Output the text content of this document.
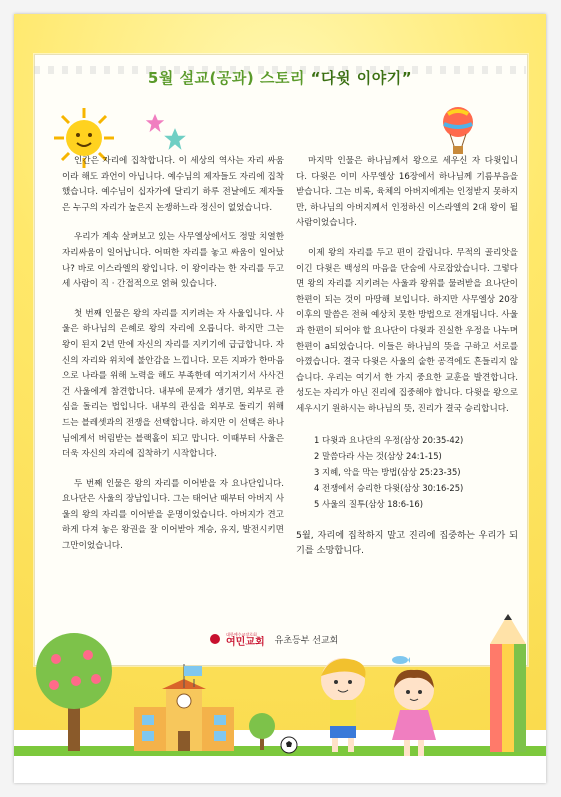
5월 설교(공과) 스토리 “다윗 이야기”

인간은 자리에 집착합니다. 이 세상의 역사는 자리 싸움이라 해도 과언이 아닙니다. 예수님의 제자들도 자리에 집착했습니다. 예수님이 십자가에 달리기 하루 전날에도 제자들은 누구의 자리가 높은지 논쟁하느라 정신이 없었습니다.

우리가 계속 살펴보고 있는 사무엘상에서도 정말 치열한 자리싸움이 일어납니다. 어떠한 자리를 놓고 싸움이 일어났나? 바로 이스라엘의 왕입니다. 이 왕이라는 한 자리를 두고 세 사람이 직 · 간접적으로 얽혀 있습니다.

첫 번째 인물은 왕의 자리를 지키려는 자 사울입니다. 사울은 하나님의 은혜로 왕의 자리에 오릅니다. 하지만 그는 왕이 된지 2년 만에 자신의 자리를 지키기에 급급합니다. 자신의 자리와 위치에 불안감을 느낍니다. 모든 지파가 한마음으로 나라를 위해 노력을 해도 부족한데 여기저기서 사사건건 사울에게 참견합니다. 내부에 문제가 생기면, 외부로 관심을 돌리는 법입니다. 내부의 관심을 외부로 돌리기 위해 드는 블레셋과의 전쟁을 선택합니다. 하지만 이 선택은 하나님에게서 버림받는 블랙홀이 되고 맙니다. 이때부터 사울은 더욱 자신의 자리에 집착하기 시작합니다.

두 번째 인물은 왕의 자리를 이어받을 자 요나단입니다. 요나단은 사울의 장남입니다. 그는 태어난 때부터 아버지 사울의 왕의 자리를 이어받을 운명이었습니다. 아버지가 견고하게 다져 놓은 왕권을 잘 이어받아 계승, 유지, 발전시키면 그만이었습니다.

마지막 인물은 하나님께서 왕으로 세우신 자 다윗입니다. 다윗은 이미 사무엘상 16장에서 하나님께 기름부음을 받습니다. 그는 비록, 육체의 아버지에게는 인정받지 못하지만, 하나님의 아버지께서 인정하신 이스라엘의 2대 왕이 될 사람이었습니다.

이제 왕의 자리를 두고 편이 갈립니다. 무적의 골리앗을 이긴 다윗은 백성의 마음을 단숨에 사로잡았습니다. 그렇다면 왕의 자리를 지키려는 사울과 왕위를 물려받을 요나단이 한편이 되는 것이 마땅해 보입니다. 하지만 사무엘상 20장 이후의 말씀은 전혀 예상치 못한 방법으로 전개됩니다. 사울과 한편이 되어야 할 요나단이 다윗과 진실한 우정을 나누며 한편이 a되었습니다. 이들은 하나님의 뜻을 구하고 서로를 아꼈습니다. 결국 다윗은 사울의 숱한 공격에도 흔들리지 않습니다. 우리는 여기서 한 가지 중요한 교훈을 발견합니다. 성도는 자리가 아닌 진리에 집중해야 합니다. 다윗을 왕으로 세우시기 원하시는 하나님의 뜻, 진리가 결국 승리합니다.

1 다윗과 요나단의 우정(삼상 20:35-42)
2 말씀다라 사는 것(삼상 24:1-15)
3 지혜, 악을 막는 방법(삼상 25:23-35)
4 전쟁에서 승리한 다윗(삼상 30:16-25)
5 사울의 질투(삼상 18:6-16)

5월, 자리에 집착하지 말고 진리에 집중하는 우리가 되기를 소망합니다.

대한예수교장로회
여민교회 유초등부 선교회
